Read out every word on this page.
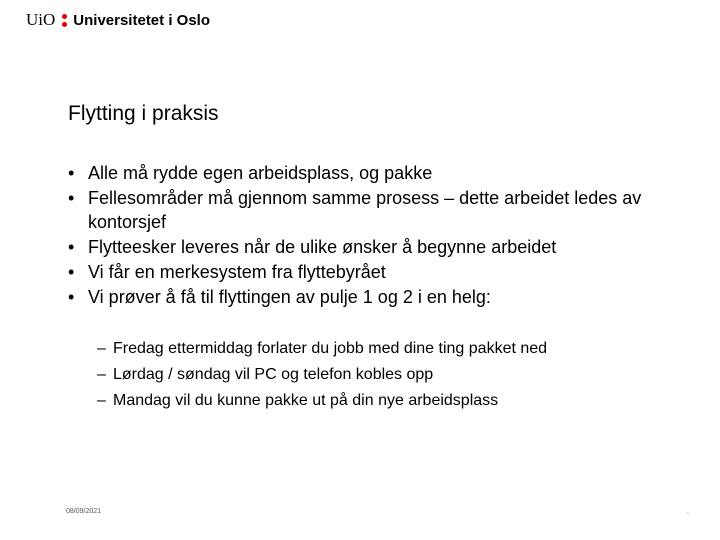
UiO Universitetet i Oslo
Flytting i praksis
• Alle må rydde egen arbeidsplass, og pakke
• Fellesområder må gjennom samme prosess – dette arbeidet ledes av kontorsjef
• Flytteesker leveres når de ulike ønsker å begynne arbeidet
• Vi får en merkesystem fra flyttebyrået
• Vi prøver å få til flyttingen av pulje 1 og 2 i en helg:
– Fredag ettermiddag forlater du jobb med dine ting pakket ned
– Lørdag / søndag vil PC og telefon kobles opp
– Mandag vil du kunne pakke ut på din nye arbeidsplass
08/09/2021	.
